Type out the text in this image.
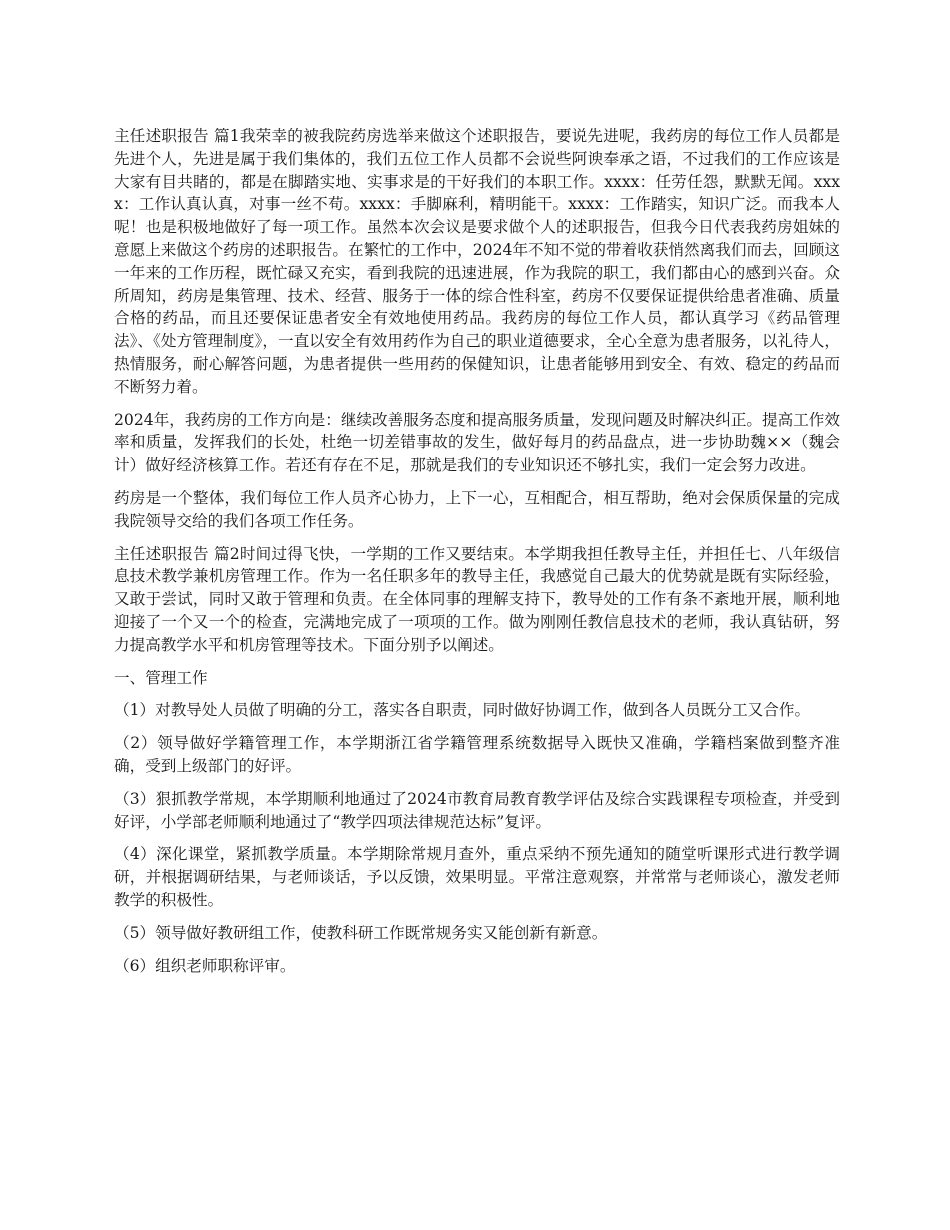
主任述职报告 篇1我荣幸的被我院药房选举来做这个述职报告，要说先进呢，我药房的每位工作人员都是先进个人，先进是属于我们集体的，我们五位工作人员都不会说些阿谀奉承之语，不过我们的工作应该是大家有目共睹的，都是在脚踏实地、实事求是的干好我们的本职工作。xxxx：任劳任怨，默默无闻。xxxx：工作认真认真，对事一丝不苟。xxxx：手脚麻利，精明能干。xxxx：工作踏实，知识广泛。而我本人呢！也是积极地做好了每一项工作。虽然本次会议是要求做个人的述职报告，但我今日代表我药房姐妹的意愿上来做这个药房的述职报告。在繁忙的工作中，2024年不知不觉的带着收获悄然离我们而去，回顾这一年来的工作历程，既忙碌又充实，看到我院的迅速进展，作为我院的职工，我们都由心的感到兴奋。众所周知，药房是集管理、技术、经营、服务于一体的综合性科室，药房不仅要保证提供给患者准确、质量合格的药品，而且还要保证患者安全有效地使用药品。我药房的每位工作人员，都认真学习《药品管理法》、《处方管理制度》，一直以安全有效用药作为自己的职业道德要求，全心全意为患者服务，以礼待人，热情服务，耐心解答问题，为患者提供一些用药的保健知识，让患者能够用到安全、有效、稳定的药品而不断努力着。

2024年，我药房的工作方向是：继续改善服务态度和提高服务质量，发现问题及时解决纠正。提高工作效率和质量，发挥我们的长处，杜绝一切差错事故的发生，做好每月的药品盘点，进一步协助魏××（魏会计）做好经济核算工作。若还有存在不足，那就是我们的专业知识还不够扎实，我们一定会努力改进。

药房是一个整体，我们每位工作人员齐心协力，上下一心，互相配合，相互帮助，绝对会保质保量的完成我院领导交给的我们各项工作任务。

主任述职报告 篇2时间过得飞快，一学期的工作又要结束。本学期我担任教导主任，并担任七、八年级信息技术教学兼机房管理工作。作为一名任职多年的教导主任，我感觉自己最大的优势就是既有实际经验，又敢于尝试，同时又敢于管理和负责。在全体同事的理解支持下，教导处的工作有条不紊地开展，顺利地迎接了一个又一个的检查，完满地完成了一项项的工作。做为刚刚任教信息技术的老师，我认真钻研，努力提高教学水平和机房管理等技术。下面分别予以阐述。

一、管理工作

（1）对教导处人员做了明确的分工，落实各自职责，同时做好协调工作，做到各人员既分工又合作。

（2）领导做好学籍管理工作，本学期浙江省学籍管理系统数据导入既快又准确，学籍档案做到整齐准确，受到上级部门的好评。

（3）狠抓教学常规，本学期顺利地通过了2024市教育局教育教学评估及综合实践课程专项检查，并受到好评，小学部老师顺利地通过了“教学四项法律规范达标”复评。

（4）深化课堂，紧抓教学质量。本学期除常规月查外，重点采纳不预先通知的随堂听课形式进行教学调研，并根据调研结果，与老师谈话，予以反馈，效果明显。平常注意观察，并常常与老师谈心，激发老师教学的积极性。

（5）领导做好教研组工作，使教科研工作既常规务实又能创新有新意。

（6）组织老师职称评审。
